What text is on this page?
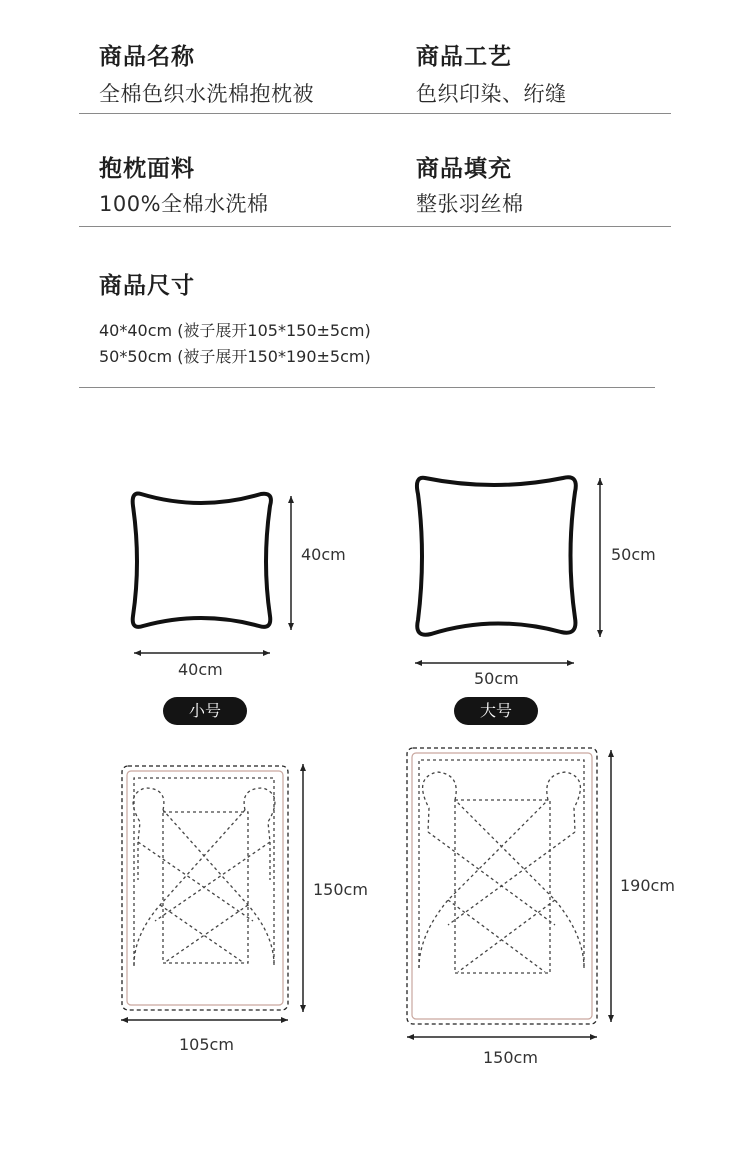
商品名称
全棉色织水洗棉抱枕被
商品工艺
色织印染、绗缝
抱枕面料
100%全棉水洗棉
商品填充
整张羽丝棉
商品尺寸
40*40cm (被子展开105*150±5cm)
50*50cm (被子展开150*190±5cm)
40cm
40cm
小号
50cm
50cm
大号
150cm
105cm
190cm
150cm
